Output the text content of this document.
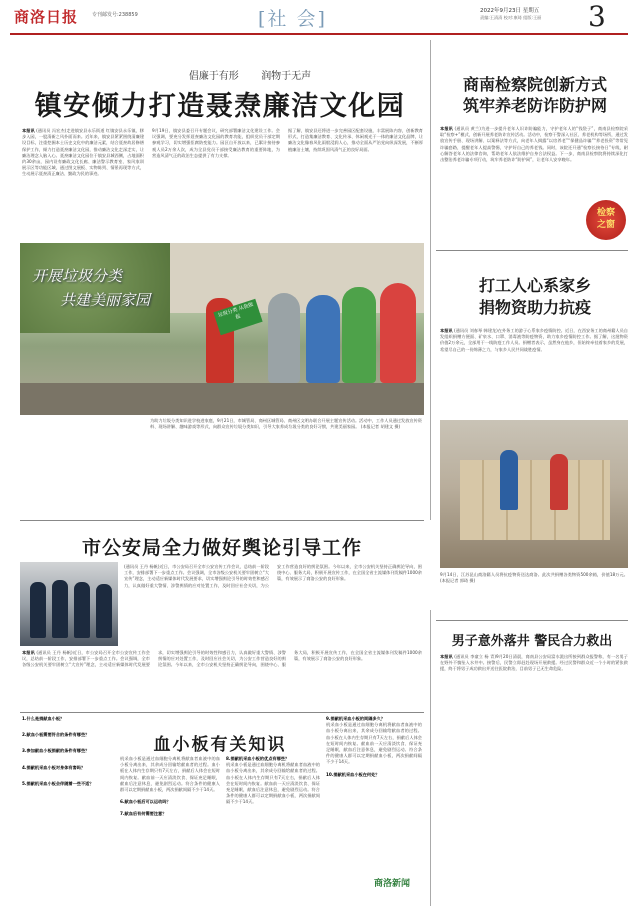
商洛日报	专刊邮发号:238859	[社 会]	2022年9月23日 星期五
责编:王清清 校对:康琦 组版:王丽 3
倡廉于有形 润物于无声
镇安倾力打造聂焘廉洁文化园
本报讯 (通讯员 冯宏杰)走进镇安县永乐街道 红镇安县永乐镇，移步入园，一股清新之风扑面而来。近年来，镇安县紧紧围绕清廉建设目标，注重挖掘本土历史文化中的廉洁元素，结合聂焘故居修缮保护工作，倾力打造聂焘廉洁文化园，推动廉洁文化走深走实，让廉洁理念入脑入心。聂焘廉洁文化园位于镇安县城西侧，占地面积约30余亩，园内设有廉政文化长廊、廉洁警示教育室、家风家训展示区等功能区域，通过图文展板、实物陈列、情景再现等方式，生动展示聂焘清正廉洁、勤政为民的事迹。
9月19日，镇安县委召开专题会议，研究部署廉洁文化建设工作。会议强调，要充分发挥聂焘廉洁文化园的教育功能，组织党员干部定期参观学习，切实增强拒腐防变能力。园区自开放以来，已累计接待参观人员2万余人次，成为全县党员干部接受廉洁教育的重要阵地，为营造风清气正的政治生态提供了有力支撑。
据了解，镇安县还将进一步完善园区配套设施，丰富展陈内容，创新教育形式，打造集廉洁教育、文化传承、休闲观光于一体的廉洁文化品牌，让廉洁文化像春风化雨般浸润人心，推动全面从严治党向纵深发展，不断厚植廉洁土壤，持续巩固风清气正的良好局面。
开展垃圾分类
共建美丽家园
垃圾分类 从我做起
为助力垃圾分类知识进学校进家庭，9月21日，市城管局、商州区城管局、商州区文明办联合开展主题宣传活动。活动中，工作人员通过发放宣传资料、现场讲解、趣味游戏等形式，向群众宣传垃圾分类知识，引导大家养成垃圾分类的良好习惯，共建美丽家园。 (本报记者 胡建文 摄)
商南检察院创新方式
筑牢养老防诈防护网
本报讯 (通讯员 黄兰)为进一步提升老年人识诈防骗能力，守护老年人的“钱袋子”，商南县检察院采取“检察+”模式，创新开展养老防诈宣传活动。活动中，检察干警深入社区、养老机构等场所，通过发放宣传手册、现场讲解、以案释法等方式，向老年人揭露“以房养老”“保健品诈骗”“养老投资”等常见诈骗套路，提醒老年人提高警惕，守护好自己的养老钱。同时，该院还开通“检察长接待日”专线，耐心解答老年人的法律咨询，帮助老年人依法维护自身合法权益。下一步，商南县检察院将持续深化打击整治养老诈骗专项行动，筑牢养老防诈“防护网”，让老年人安享晚年。
检察
之窗
打工人心系家乡
捐物资助力抗疫
本报讯 (通讯员 刘春琴 韩建龙)在外务工的游子心系家乡疫情防控。近日，在西安务工的商州籍人员自发组织捐赠方便面、矿泉水、口罩、消毒液等防疫物资，助力家乡疫情防控工作。据了解，这批物资价值2万余元，全部用于一线防疫工作人员。捐赠者表示，虽然身在他乡，但始终牵挂着家乡的发展，希望尽自己的一份绵薄之力，与家乡人民共同战胜疫情。
9月14日，江苏昆山商洛籍人员将抗疫物资送达商洛。此次共捐赠各类物资500余箱，价值18万元。 (本报记者 郭琦 摄)
市公安局全力做好舆论引导工作
本报讯 (通讯员 王丹 杨帆)近日，市公安局召开全市公安宣传工作会议，总结前一阶段工作，安排部署下一步重点工作。会议强调，全市各级公安机关要牢固树立“大宣传”理念，主动适应新媒体时代发展要求，切实增强舆论引导的时效性和感召力，认真做好重大警情、涉警舆情的应对处置工作，及时回应社会关切，为公安工作营造良好的舆论氛围。今年以来，全市公安机关坚持正确舆论导向，围绕中心、服务大局，积极开展宣传工作，在全国全省主流媒体刊发稿件1000余篇，有效展示了商洛公安的良好形象。
(通讯员 王丹 杨帆)近日，市公安局召开全市公安宣传工作会议，总结前一阶段工作，安排部署下一步重点工作。会议强调，全市各级公安机关要牢固树立“大宣传”理念，主动适应新媒体时代发展要求，切实增强舆论引导的时效性和感召力，认真做好重大警情、涉警舆情的应对处置工作，及时回应社会关切，为公安工作营造良好的舆论氛围。今年以来，全市公安机关坚持正确舆论导向，围绕中心、服务大局，积极开展宣传工作，在全国全省主流媒体刊发稿件1000余篇，有效展示了商洛公安的良好形象。
血小板有关知识
1.什么是捐献血小板？
2.献血小板需要符合的条件有哪些？
3.参加献血小板捐献的条件有哪些？
4.捐献机采血小板对身体有害吗？
5.捐献机采血小板会伴随着一些不适？
机采血小板是通过血细胞分离机将献血者血液中的血小板分离出来，其余成分回输给献血者的过程。血小板在人体内生存期只有7天左右，捐献后人体会在短时间内恢复。献血前一天应清淡饮食、保证充足睡眠，献血后注意休息，避免剧烈运动。符合条件的健康人群可以定期捐献血小板，两次捐献间隔不少于14天。
6.献血小板后可以运动吗？
7.献血后有何需要注意？
8.捐献机采血小板的优点有哪些？
机采血小板是通过血细胞分离机将献血者血液中的血小板分离出来，其余成分回输给献血者的过程。血小板在人体内生存期只有7天左右，捐献后人体会在短时间内恢复。献血前一天应清淡饮食、保证充足睡眠，献血后注意休息，避免剧烈运动。符合条件的健康人群可以定期捐献血小板，两次捐献间隔不少于14天。
9.捐献机采血小板的间隔多久？
机采血小板是通过血细胞分离机将献血者血液中的血小板分离出来，其余成分回输给献血者的过程。血小板在人体内生存期只有7天左右，捐献后人体会在短时间内恢复。献血前一天应清淡饮食、保证充足睡眠，献血后注意休息，避免剧烈运动。符合条件的健康人群可以定期捐献血小板，两次捐献间隔不少于14天。
10.捐献机采血小板在何处？
商洛新闻
男子意外落井 警民合力救出
本报讯 (通讯员 李童立 杨 青)9月20日清晨，商南县公安局富水派出所接到群众报警称，有一名男子在野外不慎坠入水井中。接警后，民警立即赶赴现场开展救援。经过民警和群众近一个小时的紧张救援，终于将男子成功救出并送往医院救治，目前男子已无生命危险。
